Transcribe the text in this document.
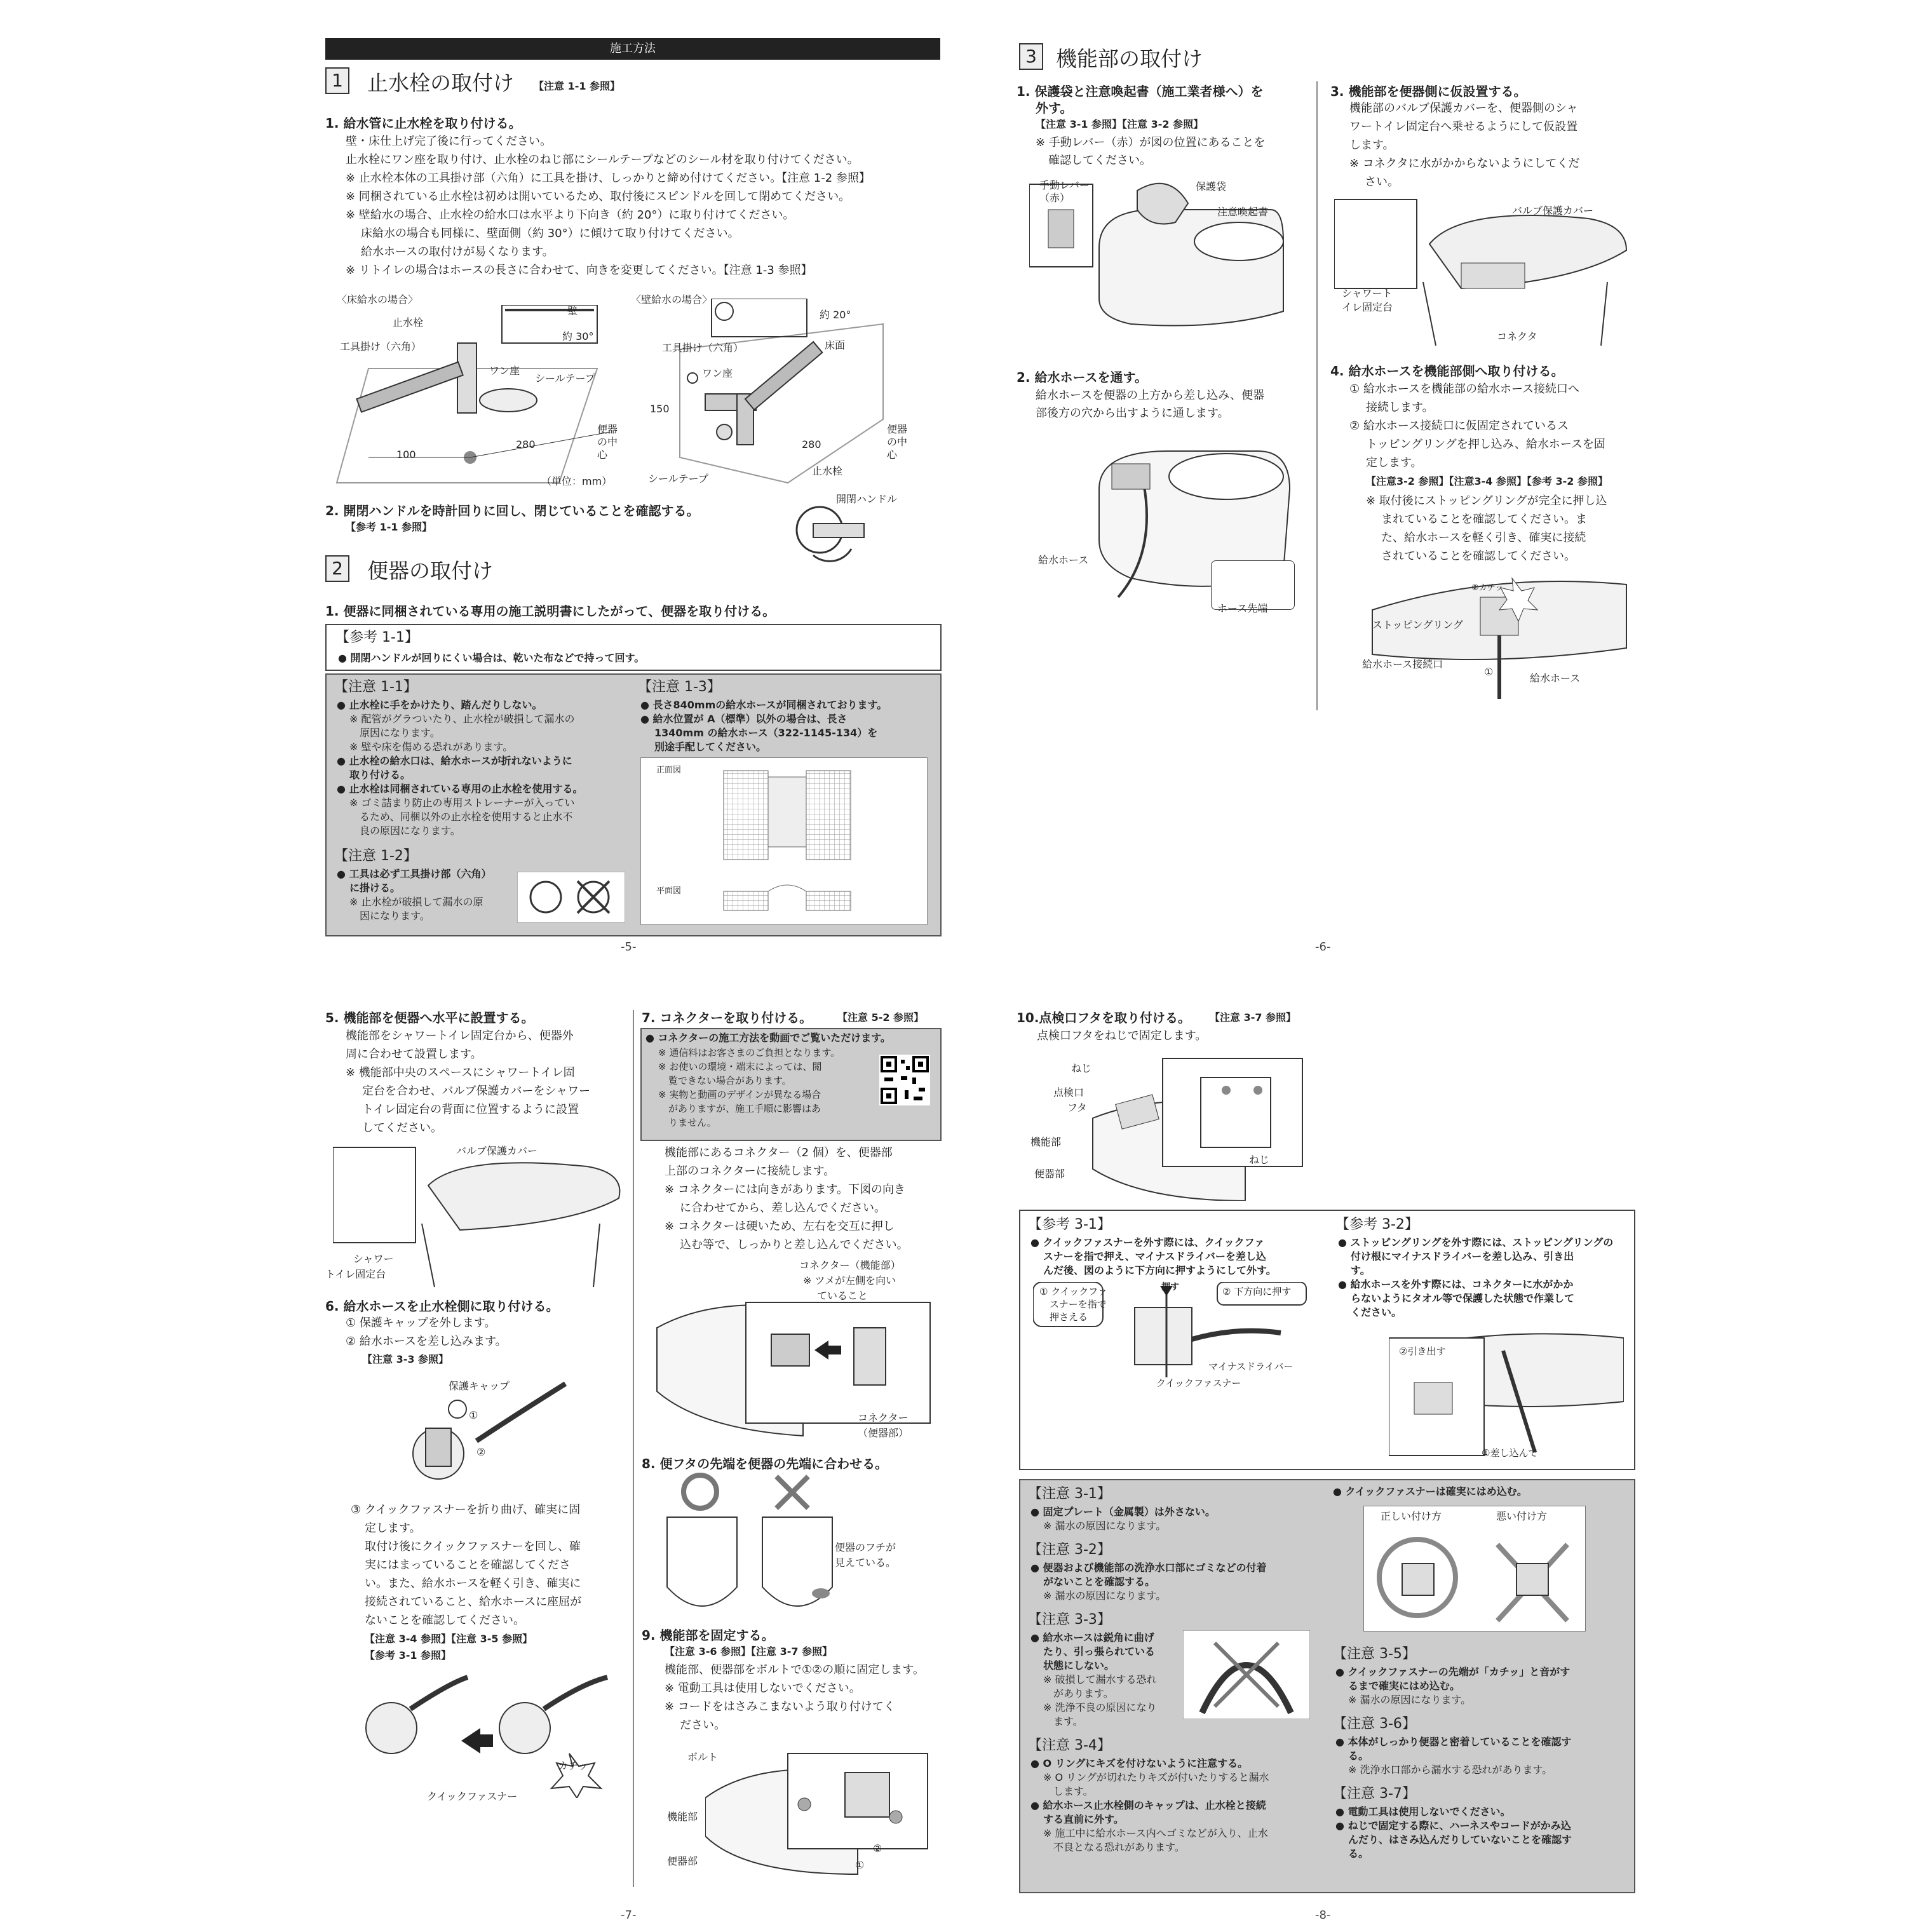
施工方法
1	止水栓の取付け 【注意 1-1 参照】
1. 給水管に止水栓を取り付ける。
壁・床仕上げ完了後に行ってください。
止水栓にワン座を取り付け、止水栓のねじ部にシールテープなどのシール材を取り付けてください。
※ 止水栓本体の工具掛け部（六角）に工具を掛け、しっかりと締め付けてください。【注意 1-2 参照】
※ 同梱されている止水栓は初めは開いているため、取付後にスピンドルを回して閉めてください。
※ 壁給水の場合、止水栓の給水口は水平より下向き（約 20°）に取り付けてください。
床給水の場合も同様に、壁面側（約 30°）に傾けて取り付けてください。
給水ホースの取付けが易くなります。
※ リトイレの場合はホースの長さに合わせて、向きを変更してください。【注意 1-3 参照】
〈床給水の場合〉
壁
止水栓
工具掛け（六角）
約 30°
ワン座
シールテープ
便器の中心
100
280
（単位：mm）
〈壁給水の場合〉
約 20°
工具掛け（六角）	床面
ワン座
150
280
便器の中心
シールテープ
止水栓
2. 開閉ハンドルを時計回りに回し、閉じていることを確認する。
【参考 1-1 参照】
開閉ハンドル
2	便器の取付け
1. 便器に同梱されている専用の施工説明書にしたがって、便器を取り付ける。
【参考 1-1】
● 開閉ハンドルが回りにくい場合は、乾いた布などで持って回す。
【注意 1-1】
● 止水栓に手をかけたり、踏んだりしない。
※ 配管がグラついたり、止水栓が破損して漏水の
原因になります。
※ 壁や床を傷める恐れがあります。
● 止水栓の給水口は、給水ホースが折れないように
取り付ける。
● 止水栓は同梱されている専用の止水栓を使用する。
※ ゴミ詰まり防止の専用ストレーナーが入ってい
るため、同梱以外の止水栓を使用すると止水不
良の原因になります。
【注意 1-2】
● 工具は必ず工具掛け部（六角）
に掛ける。
※ 止水栓が破損して漏水の原
因になります。
【注意 1-3】
● 長さ840mmの給水ホースが同梱されております。
● 給水位置が A（標準）以外の場合は、長さ
1340mm の給水ホース（322-1145-134）を
別途手配してください。
正面図
平面図
-5-
3 機能部の取付け
1. 保護袋と注意喚起書（施工業者様へ）を
外す。
【注意 3-1 参照】【注意 3-2 参照】
※ 手動レバー（赤）が図の位置にあることを
確認してください。
手動レバー
（赤）
保護袋
注意喚起書
2. 給水ホースを通す。
給水ホースを便器の上方から差し込み、便器
部後方の穴から出すように通します。
給水ホース
ホース先端
3. 機能部を便器側に仮設置する。
機能部のバルブ保護カバーを、便器側のシャ
ワートイレ固定台へ乗せるようにして仮設置
します。
※ コネクタに水がかからないようにしてくだ
さい。
バルブ保護カバー
シャワート
イレ固定台
コネクタ
4. 給水ホースを機能部側へ取り付ける。
① 給水ホースを機能部の給水ホース接続口へ
接続します。
② 給水ホース接続口に仮固定されているス
トッピングリングを押し込み、給水ホースを固
定します。
【注意3-2 参照】【注意3-4 参照】【参考 3-2 参照】
※ 取付後にストッピングリングが完全に押し込
まれていることを確認してください。ま
た、給水ホースを軽く引き、確実に接続
されていることを確認してください。
②カチッ
ストッピングリング
給水ホース接続口
①
給水ホース
-6-
5. 機能部を便器へ水平に設置する。
機能部をシャワートイレ固定台から、便器外
周に合わせて設置します。
※ 機能部中央のスペースにシャワートイレ固
定台を合わせ、バルブ保護カバーをシャワー
トイレ固定台の背面に位置するように設置
してください。
バルブ保護カバー
シャワー
トイレ固定台
6. 給水ホースを止水栓側に取り付ける。
① 保護キャップを外します。
② 給水ホースを差し込みます。
【注意 3-3 参照】
保護キャップ
①
②
③ クイックファスナーを折り曲げ、確実に固
定します。
取付け後にクイックファスナーを回し、確
実にはまっていることを確認してくださ
い。また、給水ホースを軽く引き、確実に
接続されていること、給水ホースに座屈が
ないことを確認してください。
【注意 3-4 参照】【注意 3-5 参照】
【参考 3-1 参照】
カチッ
クイックファスナー
7. コネクターを取り付ける。 【注意 5-2 参照】
● コネクターの施工方法を動画でご覧いただけます。
※ 通信料はお客さまのご負担となります。
※ お使いの環境・端末によっては、閲
覧できない場合があります。
※ 実物と動画のデザインが異なる場合
がありますが、施工手順に影響はあ
りません。
機能部にあるコネクター（2 個）を、便器部
上部のコネクターに接続します。
※ コネクターには向きがあります。下図の向き
に合わせてから、差し込んでください。
※ コネクターは硬いため、左右を交互に押し
込む等で、しっかりと差し込んでください。
コネクター（機能部）
※ ツメが左側を向い
ていること
コネクター
（便器部）
8. 便フタの先端を便器の先端に合わせる。
便器のフチが
見えている。
9. 機能部を固定する。
【注意 3-6 参照】【注意 3-7 参照】
機能部、便器部をボルトで①②の順に固定します。
※ 電動工具は使用しないでください。
※ コードをはさみこまないよう取り付けてく
ださい。
ボルト
機能部
便器部	①
②
-7-
10.点検口フタを取り付ける。 【注意 3-7 参照】
点検口フタをねじで固定します。
ねじ
点検口
フタ
機能部
便器部
ねじ
【参考 3-1】
● クイックファスナーを外す際には、クイックファ
スナーを指で押え、マイナスドライバーを差し込
んだ後、図のように下方向に押すようにして外す。
① クイックファ
スナーを指で
押さえる
押す	② 下方向に押す
マイナスドライバー
クイックファスナー
【参考 3-2】
● ストッピングリングを外す際には、ストッピングリングの
付け根にマイナスドライバーを差し込み、引き出
す。
● 給水ホースを外す際には、コネクターに水がかか
らないようにタオル等で保護した状態で作業して
ください。
②引き出す
①差し込んで
【注意 3-1】
● 固定プレート（金属製）は外さない。
※ 漏水の原因になります。
【注意 3-2】
● 便器および機能部の洗浄水口部にゴミなどの付着
がないことを確認する。
※ 漏水の原因になります。
【注意 3-3】
● 給水ホースは鋭角に曲げ
たり、引っ張られている
状態にしない。
※ 破損して漏水する恐れ
があります。
※ 洗浄不良の原因になり
ます。
【注意 3-4】
● O リングにキズを付けないように注意する。
※ O リングが切れたりキズが付いたりすると漏水
します。
● 給水ホース止水栓側のキャップは、止水栓と接続
する直前に外す。
※ 施工中に給水ホース内へゴミなどが入り、止水
不良となる恐れがあります。
● クイックファスナーは確実にはめ込む。
正しい付け方	悪い付け方
【注意 3-5】
● クイックファスナーの先端が「カチッ」と音がす
るまで確実にはめ込む。
※ 漏水の原因になります。
【注意 3-6】
● 本体がしっかり便器と密着していることを確認す
る。
※ 洗浄水口部から漏水する恐れがあります。
【注意 3-7】
● 電動工具は使用しないでください。
● ねじで固定する際に、ハーネスやコードがかみ込
んだり、はさみ込んだりしていないことを確認す
る。
-8-
